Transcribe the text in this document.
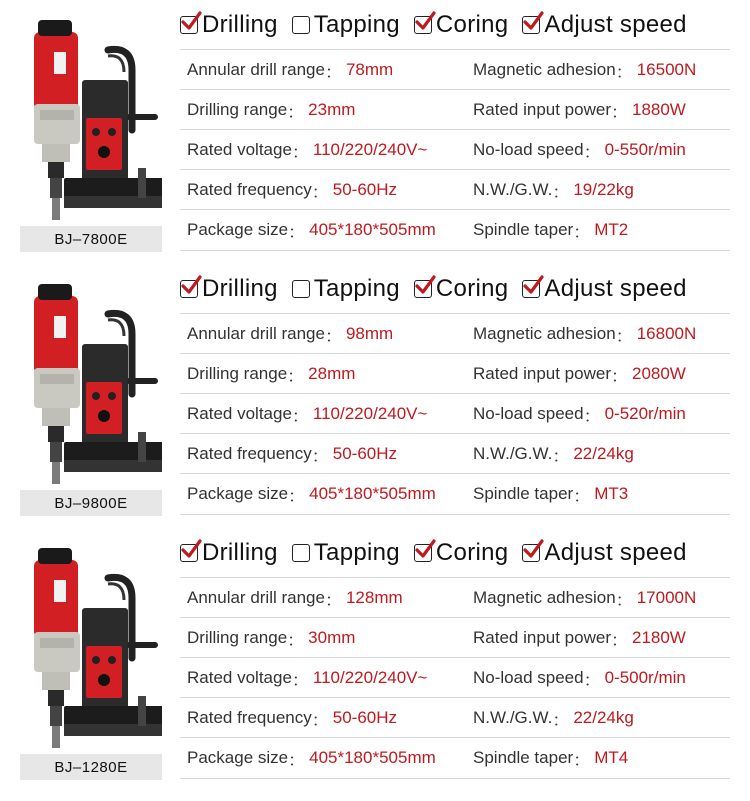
BJ–7800E
Drilling Tapping Coring Adjust speed
Annular drill range ： 78mm	Magnetic adhesion ： 16500N
Drilling range ： 23mm	Rated input power ： 1880W
Rated voltage ： 110/220/240V~	No-load speed ： 0-550r/min
Rated frequency ： 50-60Hz	N.W./G.W. ： 19/22kg
Package size ： 405*180*505mm Spindle taper ： MT2
BJ–9800E
Drilling Tapping Coring Adjust speed
Annular drill range ： 98mm	Magnetic adhesion ： 16800N
Drilling range ： 28mm	Rated input power ： 2080W
Rated voltage ： 110/220/240V~	No-load speed ： 0-520r/min
Rated frequency ： 50-60Hz	N.W./G.W. ： 22/24kg
Package size ： 405*180*505mm Spindle taper ： MT3
BJ–1280E
Drilling Tapping Coring Adjust speed
Annular drill range ： 128mm	Magnetic adhesion ： 17000N
Drilling range ： 30mm	Rated input power ： 2180W
Rated voltage ： 110/220/240V~	No-load speed ： 0-500r/min
Rated frequency ： 50-60Hz	N.W./G.W. ： 22/24kg
Package size ： 405*180*505mm Spindle taper ： MT4
